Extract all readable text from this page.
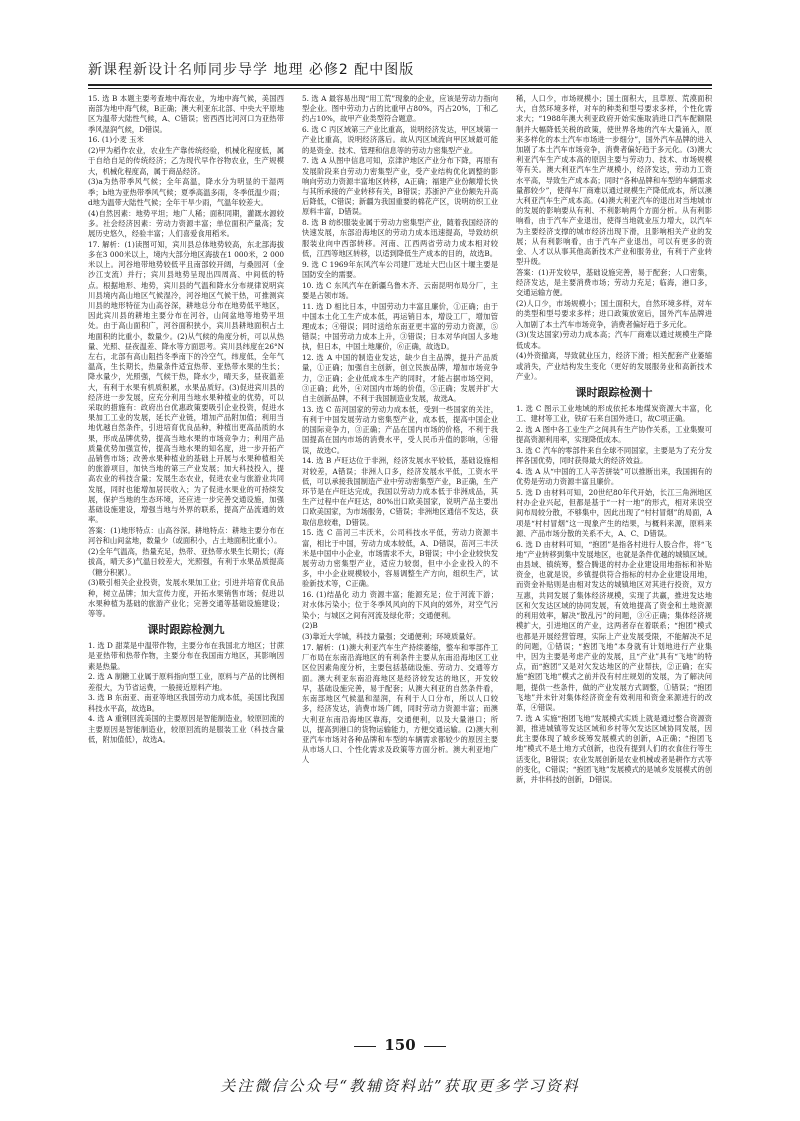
新课程新设计名师同步导学 地理 必修2 配中图版

15. 选 B 本题主要考查地中海农业，为地中海气候，美国西南部为地中海气候，B正确；澳大利亚东北部、中央大平原地区为温带大陆性气候，A、C错误；密西西比河河口为亚热带季风湿润气候，D错误。

16. (1)小麦 玉米

(2)甲为稻作农业，农业生产靠传统经验，机械化程度低，属于自给自足的传统经济；乙为现代早作谷物农业，生产规模大，机械化程度高，属于商品经济。

(3)a为热带季风气候；全年高温，降水分为明显的干湿两季；b地为亚热带季风气候；夏季高温多雨，冬季低温少雨；d地为温带大陆性气候；全年干旱少雨，气温年较差大。

(4)自然因素：地势平坦；地广人稀；面积同期，灌溉水源较多。社会经济因素：劳动力资源丰富；单位面积产量高；发展历史悠久，经验丰富；人们喜爱食用稻米。

17. 解析：(1)读图可知，宾川县总体地势较高，东北部海拔多在3 000米以上，境内大部分地区海拔在1 000米，2 000米以上。河谷地带地势较低平且南部较开阔，与桑园河（金沙江支流）并行；宾川县地势呈现出四周高、中间低的特点。根据地形、地势，宾川县的气温和降水分布规律说明宾川县境内高山地区气候湿冷，河谷地区气候干热，可推测宾川县的地形特征为山高谷深，耕地总分布在地势低平地区，因此宾川县的耕地主要分布在河谷，山间盆地等地势平坦处。由于高山面积广，河谷面积狭小，宾川县耕地面积占土地面积的比重小，数量少。(2)从气候的角度分析，可以从热量、光照、昼夜温差、降水等方面思考。宾川县纬度在26°N左右，北部有高山阻挡冬季南下的冷空气，纬度低，全年气温高，生长期长，热量条件适宜热带、亚热带水果的生长；降水量少，光照强，气候干热，降水少，晴天多，昼夜温差大，有利于水果有机质积累，水果品质好。(3)促进宾川县的经济进一步发展，应充分利用当地水果种植业的优势，可以采取的措施有：政府出台优惠政策要吸引企业投资，促进水果加工工业的发展，延长产业链，增加产品附加值；利用当地优越自然条件，引进培育优良品种，种植出更高品质的水果，形成品牌优势，提高当地水果的市场竞争力；利用产品质量优势加强宣传，提高当地水果的知名度，进一步开拓产品销售市场；改善水果种植业的基础上开展与水果种植相关的旅游项目，加快当地的第三产业发展；加大科技投入，提高农业的科技含量；发展生态农业，促进农业与旅游业共同发展，同时也能增加居民收入；为了促进水果业的可持续发展，保护当地的生态环境，还应进一步完善交通设施，加强基础设施建设，增强当地与外界的联系，提高产品流通的效率。

答案：(1)地形特点：山高谷深。耕地特点：耕地主要分布在河谷和山间盆地，数量少（或面积小，占土地面积比重小）。

(2)全年气温高，热量充足，热带、亚热带水果生长期长；(海拔高，晴天多)气温日较差大，光照强，有利于水果品质提高（糖分积累）。

(3)吸引相关企业投资，发展水果加工业；引进并培育优良品种，树立品牌；加大宣传力度，开拓水果销售市场；促进以水果种植为基础的旅游产业化；完善交通等基础设施建设；等等。

课时跟踪检测九

1. 选 D 甜菜是中温带作物，主要分布在我国北方地区；甘蔗是亚热带和热带作物，主要分布在我国南方地区，其影响因素是热量。

2. 选 A 制糖工业属于原料指向型工业，原料与产品的比例相差很大，为节省运费，一般接近原料产地。

3. 选 B 东南亚、南亚等地区我国劳动力成本低，美国比我国科技水平高，故选B。

4. 选 A 重钢回流美国的主要原因是智能制造业，较原回流的主要原因是智能制造业，较原回流的是服装工业（科技含量低，附加值低），故选A。

5. 选 A 最容易出现“用工荒”现象的企业，应该是劳动力指向型企业。图中劳动力占的比重甲占80%，丙占20%，丁和乙约占10%，故甲产业类型符合题意。

6. 选 C 丙区域第三产业比重高，说明经济发达，甲区域第一产业比重高，说明经济落后。故从丙区域流向甲区域最可能的是资金、技术、管理和信息等的劳动力密集型产业。

7. 选 A 从图中信息可知，京津沪地区产业分布下降，再原有发展阶段来自劳动力密集型产业，受产业结构优化调整的影响向劳动力资源丰富地区转移，A正确；福建产业份额增长快与其所承接的产业转移有关，B错误；苏浙沪产业份额先升高后降低，C错误；新疆为我国重要的棉花产区，说明纺织工业原料丰富，D错误。

8. 选 B 纺织服装业属于劳动力密集型产业，随着我国经济的快速发展，东部沿海地区的劳动力成本迅速提高，导致纺织服装业向中西部转移。河南、江西两省劳动力成本相对较低，江西等地区转移，以适到降低生产成本的目的，故选B。

9. 选 C 1969年东风汽车公司建厂选址大巴山区十堰主要是国防安全的需要。

10. 选 C 东风汽车在新疆乌鲁木齐、云南昆明布局分厂，主要是占领市场。

11. 选 D 相比日本，中国劳动力丰富且廉价，①正确；由于中国本土化工生产成本低，再运销日本，增设工厂，增加管理成本；④错误；同时送给东南亚更丰富的劳动力资源，⑤错误；中国劳动力成本上升，③错误；日本对华向国人多地执，但日本，中国土地廉价，⑥正确，故选D。

12. 选 A 中国的制造业发达，缺少自主品牌，提升产品质量，①正确；加强自主创新，创立民族品牌，增加市场竞争力，②正确；企业低成本生产的同时，才能占据市场空间，③正确；此外，④对国内市场的价值，⑤正确；发展并扩大自主创新品牌，不利于我国制造业发展，故选A。

13. 选 C 苗河国家的劳动力成本低，受到一些国家的关注，有利于中国发展劳动力密集型产业，成本低，提高中国企业的国际竞争力，③正确；产品在国内市场的价格，不利于我国提高在国内市场的消费水平，受人民币升值的影响，④错误，故选C。

14. 选 B 卢旺达位于非洲，经济发展水平较低，基础设施相对较差，A错误；非洲人口多，经济发展水平低，工资水平低，可以承接我国制造产业中劳动密集型产业，B正确，生产环节是在卢旺达完成，我国以劳动力成本低于非洲成品，其生产过程中在卢旺达，80%出口欧美国家，说明产品主要出口欧美国家，为市场服务，C错误；非洲地区通信不发达，获取信息较难，D错误。

15. 选 C 苗河三丰沃米，公司科技水平低，劳动力资源丰富，相比于中国，劳动力成本较低，A、D错误，苗河三丰沃米是中国中小企业，市场需求不大，B错误；中小企业较快发展劳动力密集型产业，适应力较弱，但中小企业投入的不多，中小企业规模较小，容易调整生产方向，组织生产，试验新技术等，C正确。

16. (1)结晶化 动力 资源丰富；能源充足；位于河流下游；对水体污染小；位于冬季风风向的下风向的郊外，对空气污染小；与城区之间有河流及绿化带；交通便利。

(2)B

(3)靠近大学城，科技力量强；交通便利；环境质量好。

17. 解析：(1)澳大利亚汽车生产持续萎缩，整车和零部件工厂布局在东南沿海地区的有利条件主要从东南沿海地区工业区位因素角度分析，主要包括基础设施、劳动力、交通等方面。澳大利亚东南沿海地区是经济较发达的地区，开发较早，基础设施完善，易于配套；从澳大利亚的自然条件看，东南部地区气候温和湿润，有利于人口分布，所以人口较多，经济发达，消费市场广阔，同时劳动力资源丰富；而澳大利亚东南沿海地区靠海，交通便利，以及大量港口；所以，提高到港口的货物运输能力，方便交通运输。(2)澳大利亚汽车市场对各种品牌和车型的车辆需求都较少的原因主要从市场人口、个性化需求及政策等方面分析。澳大利亚地广人

稀，人口少，市场规模小；国土面积大，且草原、荒漠面积大，自然环境多样，对车的种类和型号要求多样，个性化需求大；“1988年澳大利亚政府开始实施取消进口汽车配额限制并大幅降低关税的政策，使世界各地的汽车大量涌入，原来多样化的本土汽车市场进一步细分”，国外汽车品牌的进入加剧了本土汽车市场竞争，消费者偏好趋于多元化。(3)澳大利亚汽车生产成本高的原因主要与劳动力、技术、市场规模等有关。澳大利亚汽车生产规模小，经济发达，劳动力工资水平高，导致生产成本高；同时“各种品牌和车型的车辆需求量都较少”，使得车厂商难以通过规模生产降低成本，所以澳大利亚汽车生产成本高。(4)澳大利亚汽车的退出对当地城市的发展的影响要从有利、不利影响两个方面分析。从有利影响看，由于汽车产业退出，使得当地就业压力增大，以汽车为主要经济支撑的城市经济出现下滑，且影响相关产业的发展；从有利影响看，由于汽车产业退出，可以有更多的资金、人才以从事其他高新技术产业和服务业，有利于产业转型升级。

答案：(1)开发较早，基础设施完善，易于配套；人口密集，经济发达，是主要消费市场；劳动力充足；临海，港口多，交通运输方便。

(2)人口少，市场规模小；国土面积大，自然环境多样，对车的类型和型号要求多样；进口政策放宽后，国外汽车品牌进入加剧了本土汽车市场竞争，消费者偏好趋于多元化。

(3)(发达国家)劳动力成本高；汽车厂商难以通过规模生产降低成本。

(4)外资撤离，导致就业压力，经济下滑；相关配套产业萎缩或消失，产业结构发生变化（更好的发展服务业和高新技术产业）。

课时跟踪检测十

1. 选 C 图示工业地域的形成依托本地煤炭资源大丰富，化工、建材等工业，铁矿石来自国外进口，故C项正确。

2. 选 A 图中各工业生产之间具有生产协作关系，工业集聚可提高资源利用率，实现降低成本。

3. 选 C 汽车的零部件来自全球不同国家，主要是为了充分发挥各国优势，同时获得最大的经济效益。

4. 选 A 从“中国的工人辛苦拼装”可以推断出来，我国拥有的优势是劳动力资源丰富且廉价。

5. 选 D 由材料可知，20世纪80年代开始，长江三角洲地区村办企业兴起，但都是基于“一村一地”的形式，相对来说空间布局较分散，不够集中，因此出现了“村村冒烟”的局面，A项是“村村冒烟”这一现象产生的结果，与概料来源，原料来源、产品市场分散的关系不大，A、C、D错误。

6. 选 D 由材料可知，“抱团”是指各村进行人股合作，将“飞地”产业转移到集中发展地区，也就是条件优越的城镇区域。由县域、镇统筹，整合腾退的村办企业建设用地指标和补贴资金，也就是说，乡镇提供符合指标的村办企业建设用地，而资金补贴则是由相对发达的城镇地区对其进行投资，双方互惠，共同发展了集体经济规模，实现了共赢，推进发达地区和欠发达区域的协同发展，有效地提高了资金和土地资源的利用效率，解决“散乱污”的问题，③④正确；集体经济规模扩大，引进地区的产业，这两者存在着联系；“抱团”模式也都是开展经营管理，实际上产业发展受限，不能解决不足的问题，①错误；“抱团飞地”本身就有计划地进行产业集中，因为主要是考虑产业的发展，且“产业”具有“飞地”的特点，而“抱团”又是对欠发达地区的产业帮扶，②正确；在实施“抱团飞地”模式之前并没有村庄规划的发展，为了解决问题，提供一些条件，做的产业发展方式调整，①错误；“抱团飞地”并未针对集体经济资金有效利用和资金来源进行的改革，④错误。

7. 选 A 实施“抱团飞地”发展模式实质上就是通过整合资源资源，推进城镇等发达区域和乡村等欠发达区域协同发展，因此主要体现了城乡统筹发展模式的创新，A正确；“抱团飞地”模式不是土地方式创新，也没有提到人们的衣食住行等生活变化，B错误；农业发展创新是农业机械或者是耕作方式等的变化，C错误；“抱团飞地”发展模式的是城乡发展模式的创新，并非科技的创新，D错误。

150
关注微信公众号“教辅资料站”获取更多学习资料
